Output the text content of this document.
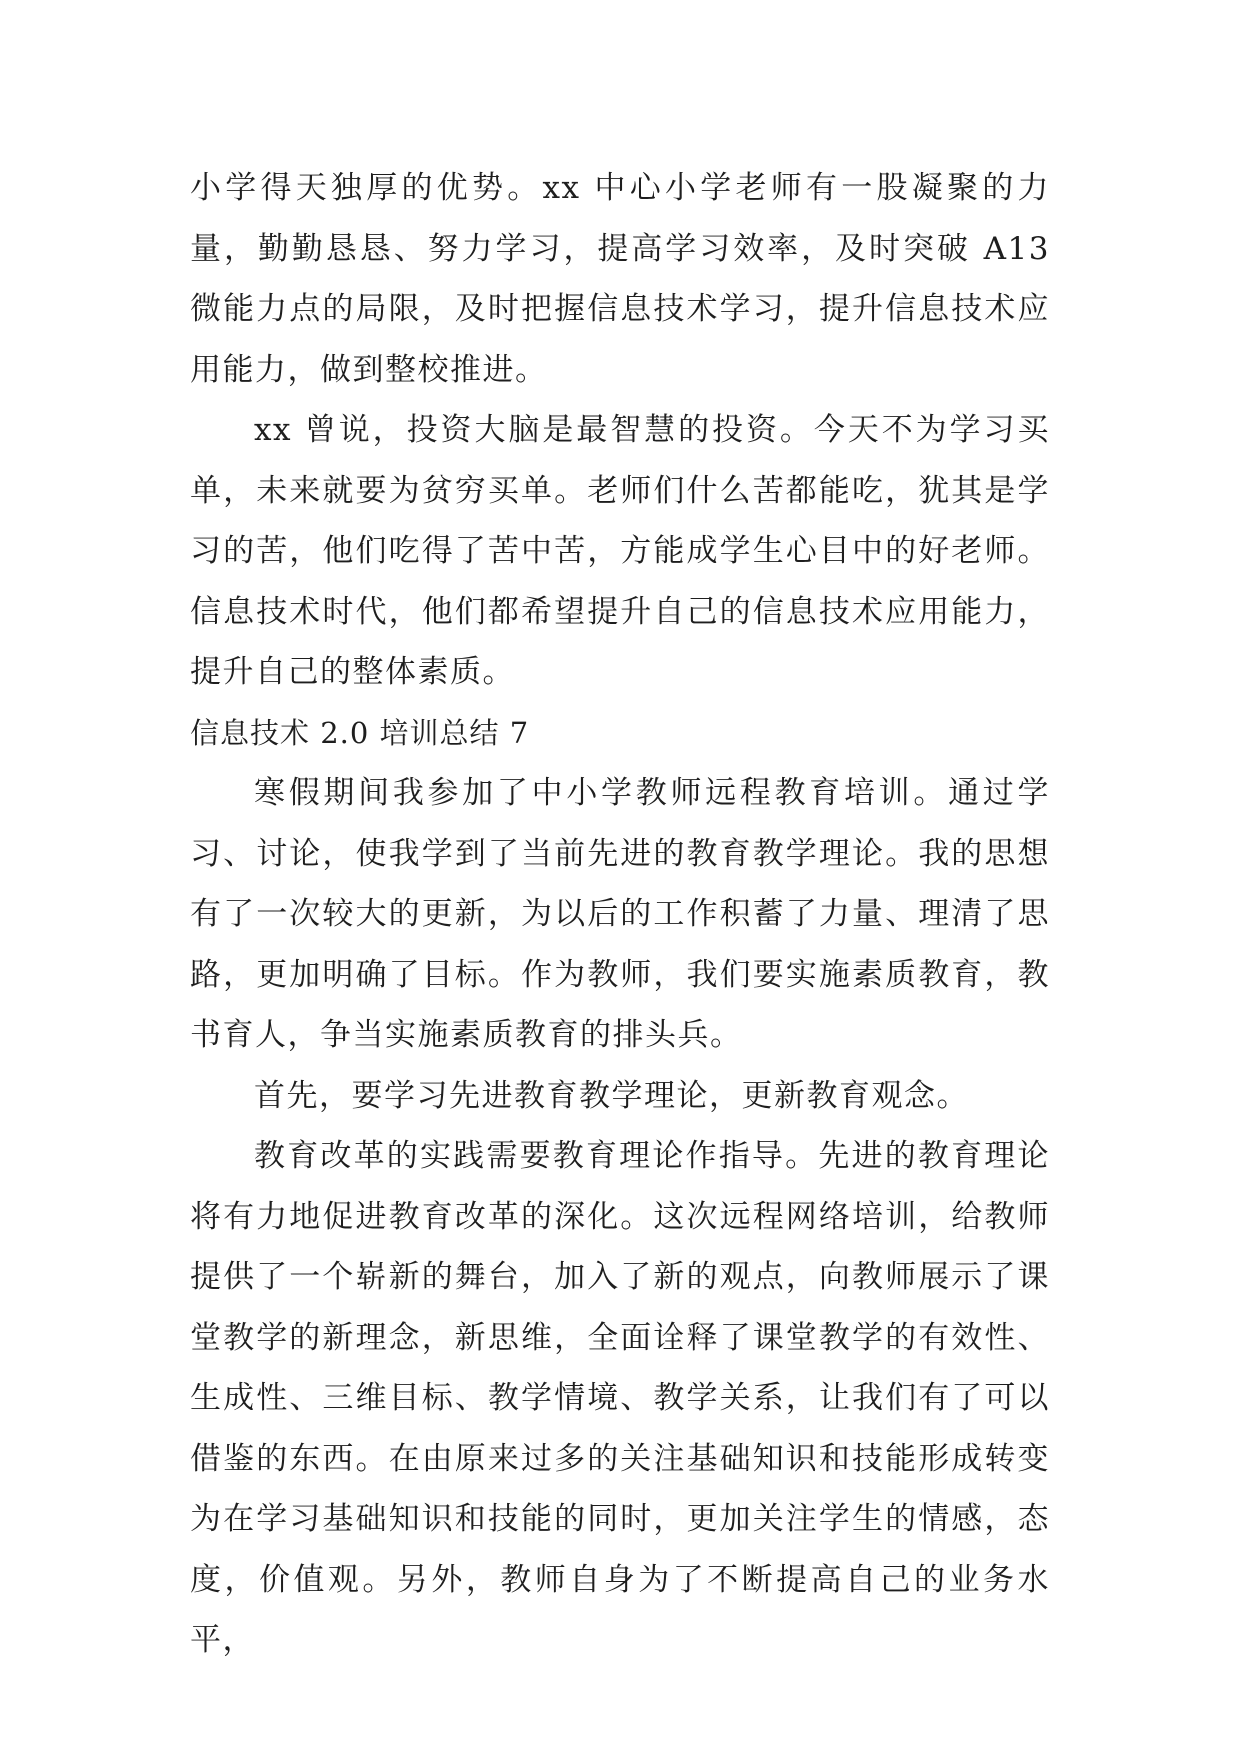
小学得天独厚的优势。xx 中心小学老师有一股凝聚的力量，勤勤恳恳、努力学习，提高学习效率，及时突破 A13 微能力点的局限，及时把握信息技术学习，提升信息技术应用能力，做到整校推进。

xx 曾说，投资大脑是最智慧的投资。今天不为学习买单，未来就要为贫穷买单。老师们什么苦都能吃，犹其是学习的苦，他们吃得了苦中苦，方能成学生心目中的好老师。信息技术时代，他们都希望提升自己的信息技术应用能力，提升自己的整体素质。

信息技术 2.0 培训总结 7

寒假期间我参加了中小学教师远程教育培训。通过学习、讨论，使我学到了当前先进的教育教学理论。我的思想有了一次较大的更新，为以后的工作积蓄了力量、理清了思路，更加明确了目标。作为教师，我们要实施素质教育，教书育人，争当实施素质教育的排头兵。

首先，要学习先进教育教学理论，更新教育观念。

教育改革的实践需要教育理论作指导。先进的教育理论将有力地促进教育改革的深化。这次远程网络培训，给教师提供了一个崭新的舞台，加入了新的观点，向教师展示了课堂教学的新理念，新思维，全面诠释了课堂教学的有效性、生成性、三维目标、教学情境、教学关系，让我们有了可以借鉴的东西。在由原来过多的关注基础知识和技能形成转变为在学习基础知识和技能的同时，更加关注学生的情感，态度，价值观。另外，教师自身为了不断提高自己的业务水平，
